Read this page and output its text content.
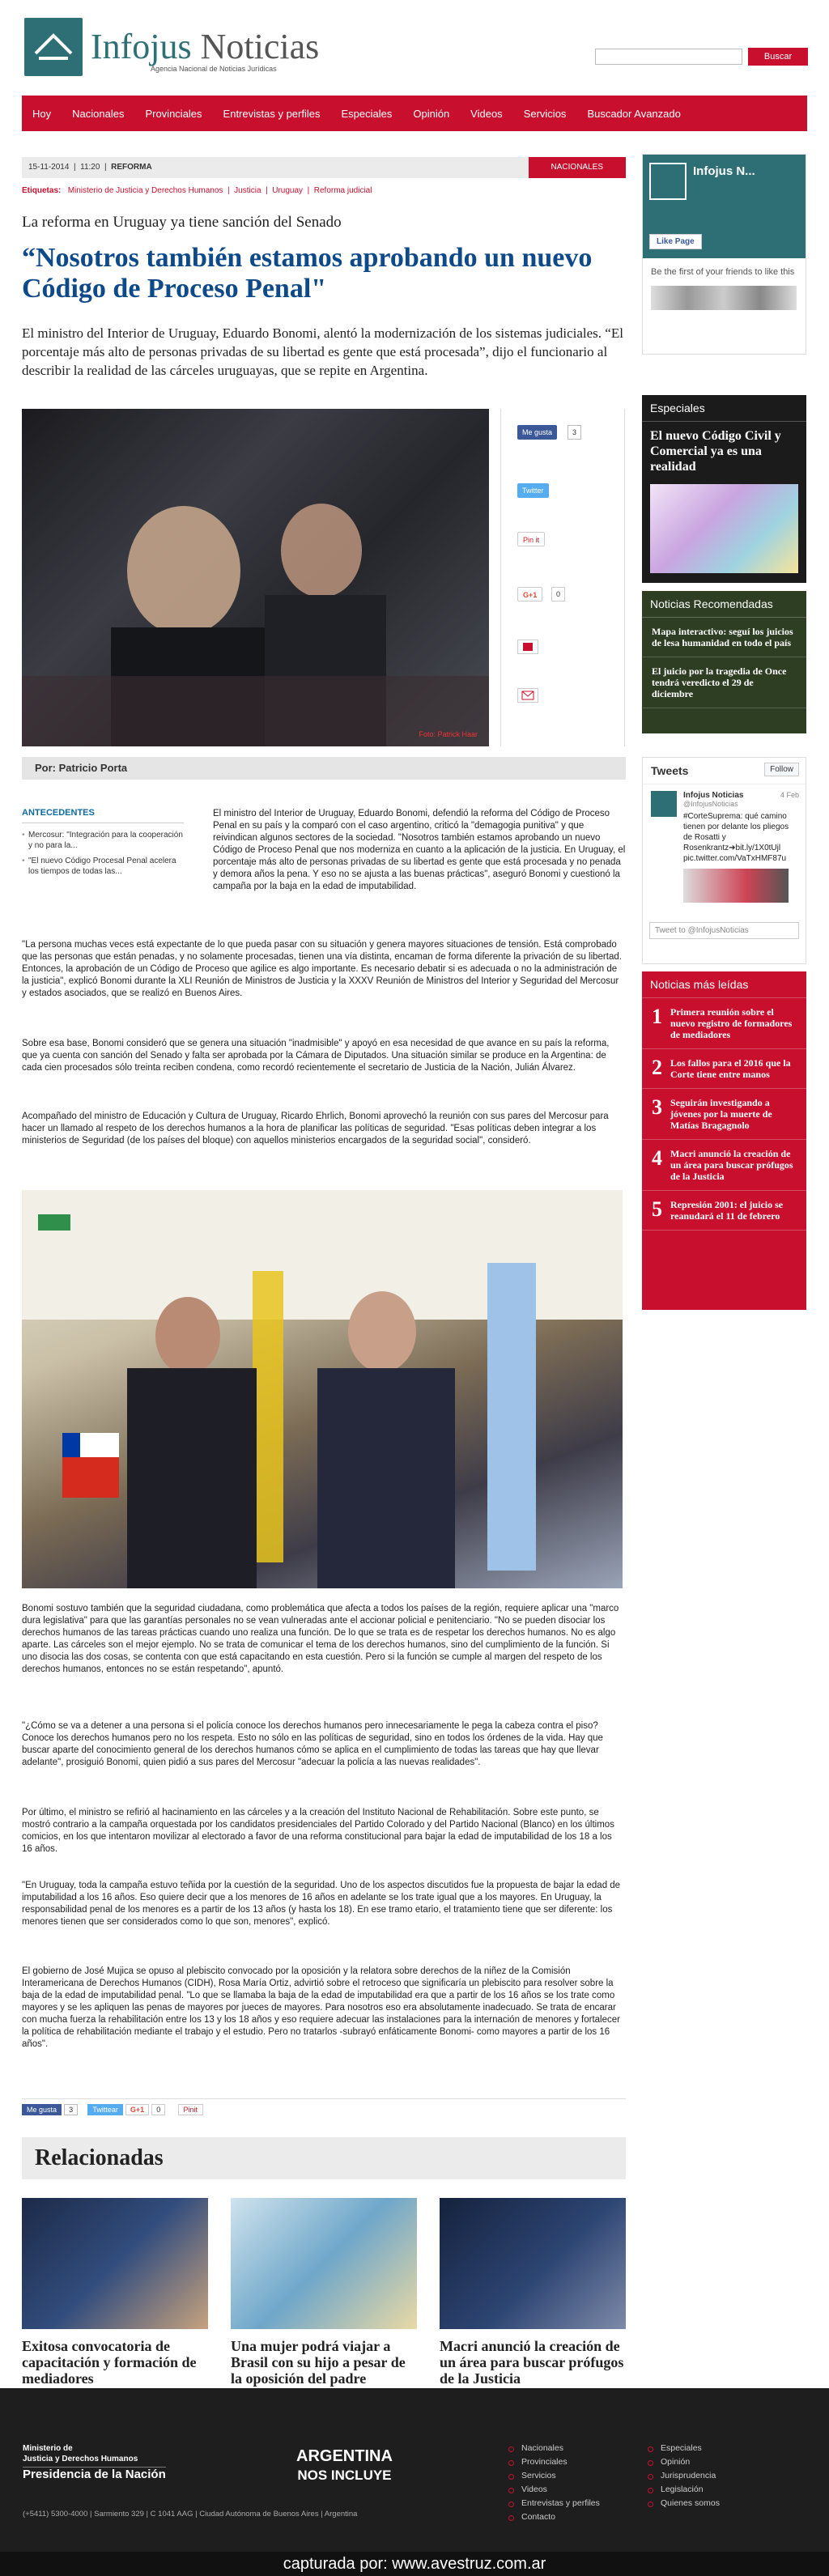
Infojus Noticias
Agencia Nacional de Noticias Jurídicas
Buscar
Hoy	Nacionales	Provinciales	Entrevistas y perfiles	Especiales	Opinión	Videos	Servicios	Buscador Avanzado
15-11-2014  |  11:20  |  REFORMA	NACIONALES
Etiquetas: Ministerio de Justicia y Derechos Humanos  |  Justicia  |  Uruguay  |  Reforma judicial
La reforma en Uruguay ya tiene sanción del Senado
“Nosotros también estamos aprobando un nuevo Código de Proceso Penal"
El ministro del Interior de Uruguay, Eduardo Bonomi, alentó la modernización de los sistemas judiciales. “El porcentaje más alto de personas privadas de su libertad es gente que está procesada”, dijo el funcionario al describir la realidad de las cárceles uruguayas, que se repite en Argentina.
Foto: Patrick Haar
Me gusta	3
Twitter
Pin it
G+1	0
Por: Patricio Porta
ANTECEDENTES
• Mercosur: "Integración para la cooperación y no para la...
• "El nuevo Código Procesal Penal acelera los tiempos de todas las...
El ministro del Interior de Uruguay, Eduardo Bonomi, defendió la reforma del Código de Proceso Penal en su país y la comparó con el caso argentino, criticó la "demagogia punitiva" y que reivindican algunos sectores de la sociedad. "Nosotros también estamos aprobando un nuevo Código de Proceso Penal que nos moderniza en cuanto a la aplicación de la justicia. En Uruguay, el porcentaje más alto de personas privadas de su libertad es gente que está procesada y no penada y demora años la pena. Y eso no se ajusta a las buenas prácticas", aseguró Bonomi y cuestionó la campaña por la baja en la edad de imputabilidad.
"La persona muchas veces está expectante de lo que pueda pasar con su situación y genera mayores situaciones de tensión. Está comprobado que las personas que están penadas, y no solamente procesadas, tienen una vía distinta, encaman de forma diferente la privación de su libertad. Entonces, la aprobación de un Código de Proceso que agilice es algo importante. Es necesario debatir si es adecuada o no la administración de la justicia", explicó Bonomi durante la XLI Reunión de Ministros de Justicia y la XXXV Reunión de Ministros del Interior y Seguridad del Mercosur y estados asociados, que se realizó en Buenos Aires.
Sobre esa base, Bonomi consideró que se genera una situación "inadmisible" y apoyó en esa necesidad de que avance en su país la reforma, que ya cuenta con sanción del Senado y falta ser aprobada por la Cámara de Diputados. Una situación similar se produce en la Argentina: de cada cien procesados sólo treinta reciben condena, como recordó recientemente el secretario de Justicia de la Nación, Julián Álvarez.
Acompañado del ministro de Educación y Cultura de Uruguay, Ricardo Ehrlich, Bonomi aprovechó la reunión con sus pares del Mercosur para hacer un llamado al respeto de los derechos humanos a la hora de planificar las políticas de seguridad. "Esas políticas deben integrar a los ministerios de Seguridad (de los países del bloque) con aquellos ministerios encargados de la seguridad social", consideró.
Bonomi sostuvo también que la seguridad ciudadana, como problemática que afecta a todos los países de la región, requiere aplicar una "marco dura legislativa" para que las garantías personales no se vean vulneradas ante el accionar policial e penitenciario. "No se pueden disociar los derechos humanos de las tareas prácticas cuando uno realiza una función. De lo que se trata es de respetar los derechos humanos. No es algo aparte. Las cárceles son el mejor ejemplo. No se trata de comunicar el tema de los derechos humanos, sino del cumplimiento de la función. Si uno disocia las dos cosas, se contenta con que está capacitando en esta cuestión. Pero si la función se cumple al margen del respeto de los derechos humanos, entonces no se están respetando", apuntó.
"¿Cómo se va a detener a una persona si el policía conoce los derechos humanos pero innecesariamente le pega la cabeza contra el piso? Conoce los derechos humanos pero no los respeta. Esto no sólo en las políticas de seguridad, sino en todos los órdenes de la vida. Hay que buscar aparte del conocimiento general de los derechos humanos cómo se aplica en el cumplimiento de todas las tareas que hay que llevar adelante", prosiguió Bonomi, quien pidió a sus pares del Mercosur "adecuar la policía a las nuevas realidades".
Por último, el ministro se refirió al hacinamiento en las cárceles y a la creación del Instituto Nacional de Rehabilitación. Sobre este punto, se mostró contrario a la campaña orquestada por los candidatos presidenciales del Partido Colorado y del Partido Nacional (Blanco) en los últimos comicios, en los que intentaron movilizar al electorado a favor de una reforma constitucional para bajar la edad de imputabilidad de los 18 a los 16 años.
"En Uruguay, toda la campaña estuvo teñida por la cuestión de la seguridad. Uno de los aspectos discutidos fue la propuesta de bajar la edad de imputabilidad a los 16 años. Eso quiere decir que a los menores de 16 años en adelante se los trate igual que a los mayores. En Uruguay, la responsabilidad penal de los menores es a partir de los 13 años (y hasta los 18). En ese tramo etario, el tratamiento tiene que ser diferente: los menores tienen que ser considerados como lo que son, menores", explicó.
El gobierno de José Mujica se opuso al plebiscito convocado por la oposición y la relatora sobre derechos de la niñez de la Comisión Interamericana de Derechos Humanos (CIDH), Rosa María Ortiz, advirtió sobre el retroceso que significaría un plebiscito para resolver sobre la baja de la edad de imputabilidad penal. "Lo que se llamaba la baja de la edad de imputabilidad era que a partir de los 16 años se los trate como mayores y se les apliquen las penas de mayores por jueces de mayores. Para nosotros eso era absolutamente inadecuado. Se trata de encarar con mucha fuerza la rehabilitación entre los 13 y los 18 años y eso requiere adecuar las instalaciones para la internación de menores y fortalecer la política de rehabilitación mediante el trabajo y el estudio. Pero no tratarlos -subrayó enfáticamente Bonomi- como mayores a partir de los 16 años".
Me gusta 3	Twittear G+1 0	Pinit
Relacionadas
Exitosa convocatoria de capacitación y formación de mediadores
Una mujer podrá viajar a Brasil con su hijo a pesar de la oposición del padre
Macri anunció la creación de un área para buscar prófugos de la Justicia
Infojus N...
Like Page
Be the first of your friends to like this
Especiales
El nuevo Código Civil y Comercial ya es una realidad
Noticias Recomendadas
Mapa interactivo: seguí los juicios de lesa humanidad en todo el país
El juicio por la tragedia de Once tendrá veredicto el 29 de diciembre
Tweets	Follow
Infojus Noticias
@InfojusNoticias
4 Feb
#CorteSuprema: qué camino tienen por delante los pliegos de Rosatti y Rosenkrantz➔bit.ly/1X0tUjl pic.twitter.com/VaTxHMF87u
Tweet to @InfojusNoticias
Noticias más leídas
1 Primera reunión sobre el nuevo registro de formadores de mediadores
2 Los fallos para el 2016 que la Corte tiene entre manos
3 Seguirán investigando a jóvenes por la muerte de Matías Bragagnolo
4 Macri anunció la creación de un área para buscar prófugos de la Justicia
5 Represión 2001: el juicio se reanudará el 11 de febrero
Ministerio de
Justicia y Derechos Humanos
Presidencia de la Nación
ARGENTINA
NOS INCLUYE
(+5411) 5300-4000 | Sarmiento 329 | C 1041 AAG | Ciudad Autónoma de Buenos Aires | Argentina
Nacionales
Provinciales
Servicios
Videos
Entrevistas y perfiles
Contacto
Especiales
Opinión
Jurisprudencia
Legislación
Quienes somos
capturada por: www.avestruz.com.ar
